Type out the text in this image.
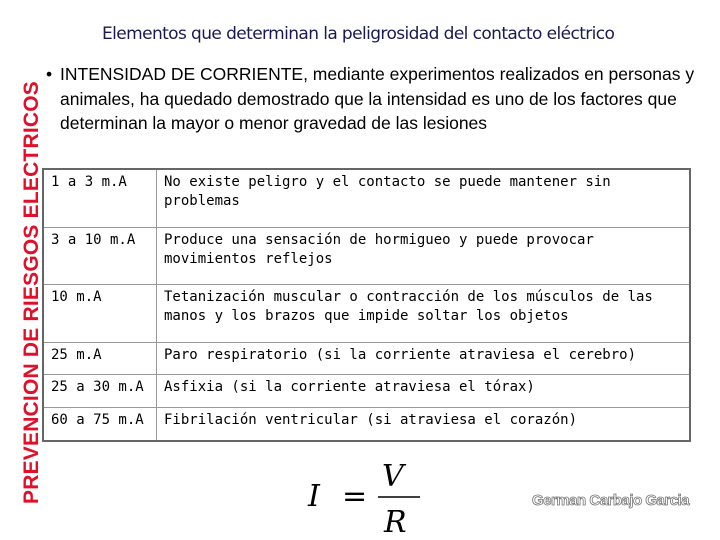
PREVENCION DE RIESGOS ELECTRICOS
Elementos que determinan la peligrosidad del contacto eléctrico
• INTENSIDAD DE CORRIENTE, mediante experimentos realizados en personas y animales, ha quedado demostrado que la intensidad es uno de los factores que determinan la mayor o menor gravedad de las lesiones
1 a 3 m.A	No existe peligro y el contacto se puede mantener sin problemas
3 a 10 m.A	Produce una sensación de hormigueo y puede provocar movimientos reflejos
10 m.A	Tetanización muscular o contracción de los músculos de las manos y los brazos que impide soltar los objetos
25 m.A	Paro respiratorio (si la corriente atraviesa el cerebro)
25 a 30 m.A	Asfixia (si la corriente atraviesa el tórax)
60 a 75 m.A	Fibrilación ventricular (si atraviesa el corazón)
I =
V
R
German Carbajo Garcia
